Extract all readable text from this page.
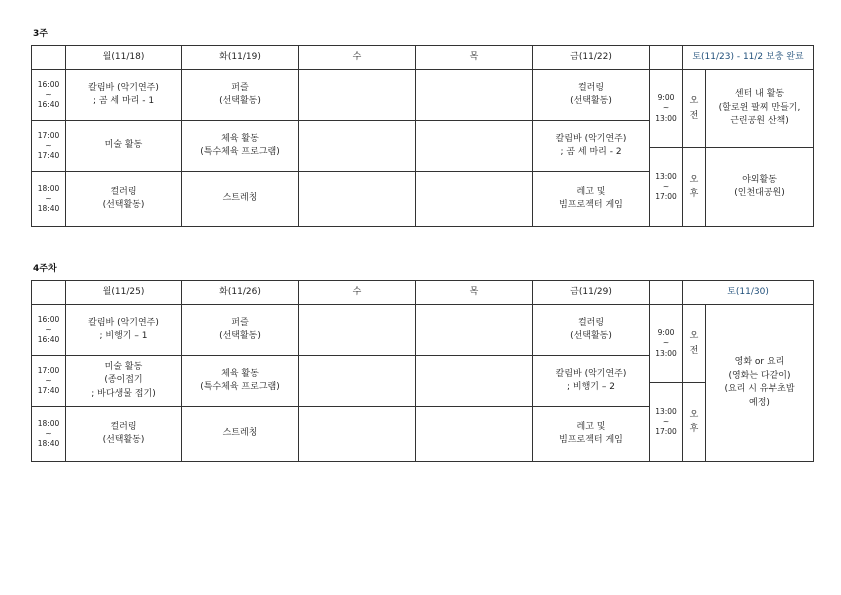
3주
	월(11/18)	화(11/19)	수	목	금(11/22)		토(11/23) - 11/2 보충 완료	

16:00
~
16:40	칼림바 (악기연주)
; 곰 세 마리 - 1	퍼즐
(선택활동)			컬러링
(선택활동)	9:00
~
13:00	오
전	센터 내 활동
(할로윈 팔찌 만들기,
근린공원 산책)

17:00
~
17:40	미술 활동	체육 활동
(특수체육 프로그램)			칼림바 (악기연주)
; 곰 세 마리 - 2			

						13:00
~
17:00	오
후	야외활동
(인천대공원)

18:00
~
18:40	컬러링
(선택활동)	스트레칭			레고 및
빔프로젝터 게임			
4주차
	월(11/25)	화(11/26)	수	목	금(11/29)		토(11/30)	

16:00
~
16:40	칼림바 (악기연주)
; 비행기 – 1	퍼즐
(선택활동)			컬러링
(선택활동)	9:00
~
13:00	오
전	영화 or 요리
(영화는 다같이)
(요리 시 유부초밥
예정)

17:00
~
17:40	미술 활동
(종이접기
; 바다생물 접기)	체육 활동
(특수체육 프로그램)			칼림바 (악기연주)
; 비행기 – 2			

						13:00
~
17:00	오
후	

18:00
~
18:40	컬러링
(선택활동)	스트레칭			레고 및
빔프로젝터 게임			
